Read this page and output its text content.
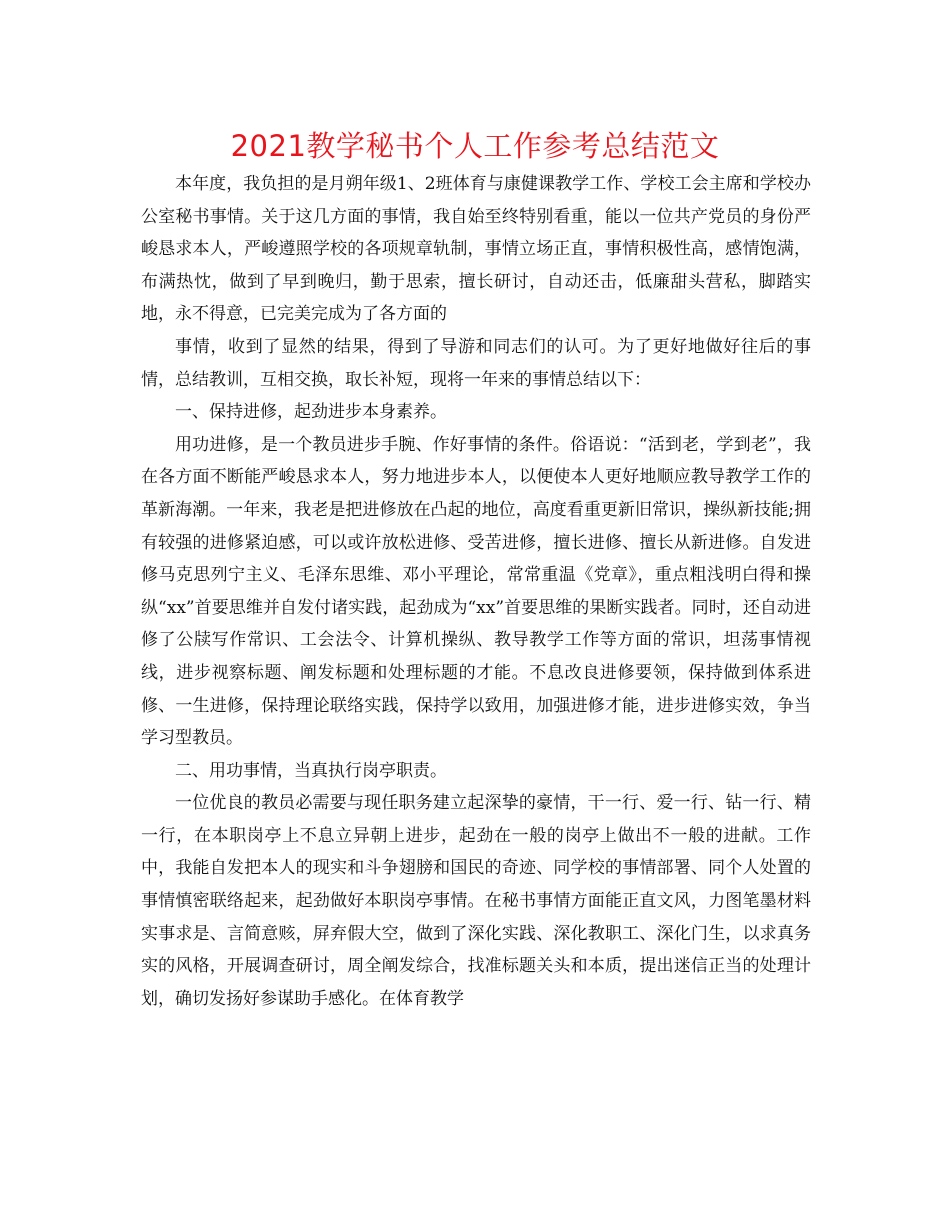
2021教学秘书个人工作参考总结范文

本年度，我负担的是月朔年级1、2班体育与康健课教学工作、学校工会主席和学校办公室秘书事情。关于这几方面的事情，我自始至终特别看重，能以一位共产党员的身份严峻恳求本人，严峻遵照学校的各项规章轨制，事情立场正直，事情积极性高，感情饱满，布满热忱，做到了早到晚归，勤于思索，擅长研讨，自动还击，低廉甜头营私，脚踏实地，永不得意，已完美完成为了各方面的

事情，收到了显然的结果，得到了导游和同志们的认可。为了更好地做好往后的事情，总结教训，互相交换，取长补短，现将一年来的事情总结以下：

一、保持进修，起劲进步本身素养。

用功进修，是一个教员进步手腕、作好事情的条件。俗语说：“活到老，学到老”，我在各方面不断能严峻恳求本人，努力地进步本人，以便使本人更好地顺应教导教学工作的革新海潮。一年来，我老是把进修放在凸起的地位，高度看重更新旧常识，操纵新技能;拥有较强的进修紧迫感，可以或许放松进修、受苦进修，擅长进修、擅长从新进修。自发进修马克思列宁主义、毛泽东思维、邓小平理论，常常重温《党章》，重点粗浅明白得和操纵“xx”首要思维并自发付诸实践，起劲成为“xx”首要思维的果断实践者。同时，还自动进修了公牍写作常识、工会法令、计算机操纵、教导教学工作等方面的常识，坦荡事情视线，进步视察标题、阐发标题和处理标题的才能。不息改良进修要领，保持做到体系进修、一生进修，保持理论联络实践，保持学以致用，加强进修才能，进步进修实效，争当学习型教员。

二、用功事情，当真执行岗亭职责。

一位优良的教员必需要与现任职务建立起深挚的豪情，干一行、爱一行、钻一行、精一行，在本职岗亭上不息立异朝上进步，起劲在一般的岗亭上做出不一般的进献。工作中，我能自发把本人的现实和斗争翅膀和国民的奇迹、同学校的事情部署、同个人处置的事情慎密联络起来，起劲做好本职岗亭事情。在秘书事情方面能正直文风，力图笔墨材料实事求是、言简意赅，屏弃假大空，做到了深化实践、深化教职工、深化门生，以求真务实的风格，开展调查研讨，周全阐发综合，找准标题关头和本质，提出迷信正当的处理计划，确切发扬好参谋助手感化。在体育教学
